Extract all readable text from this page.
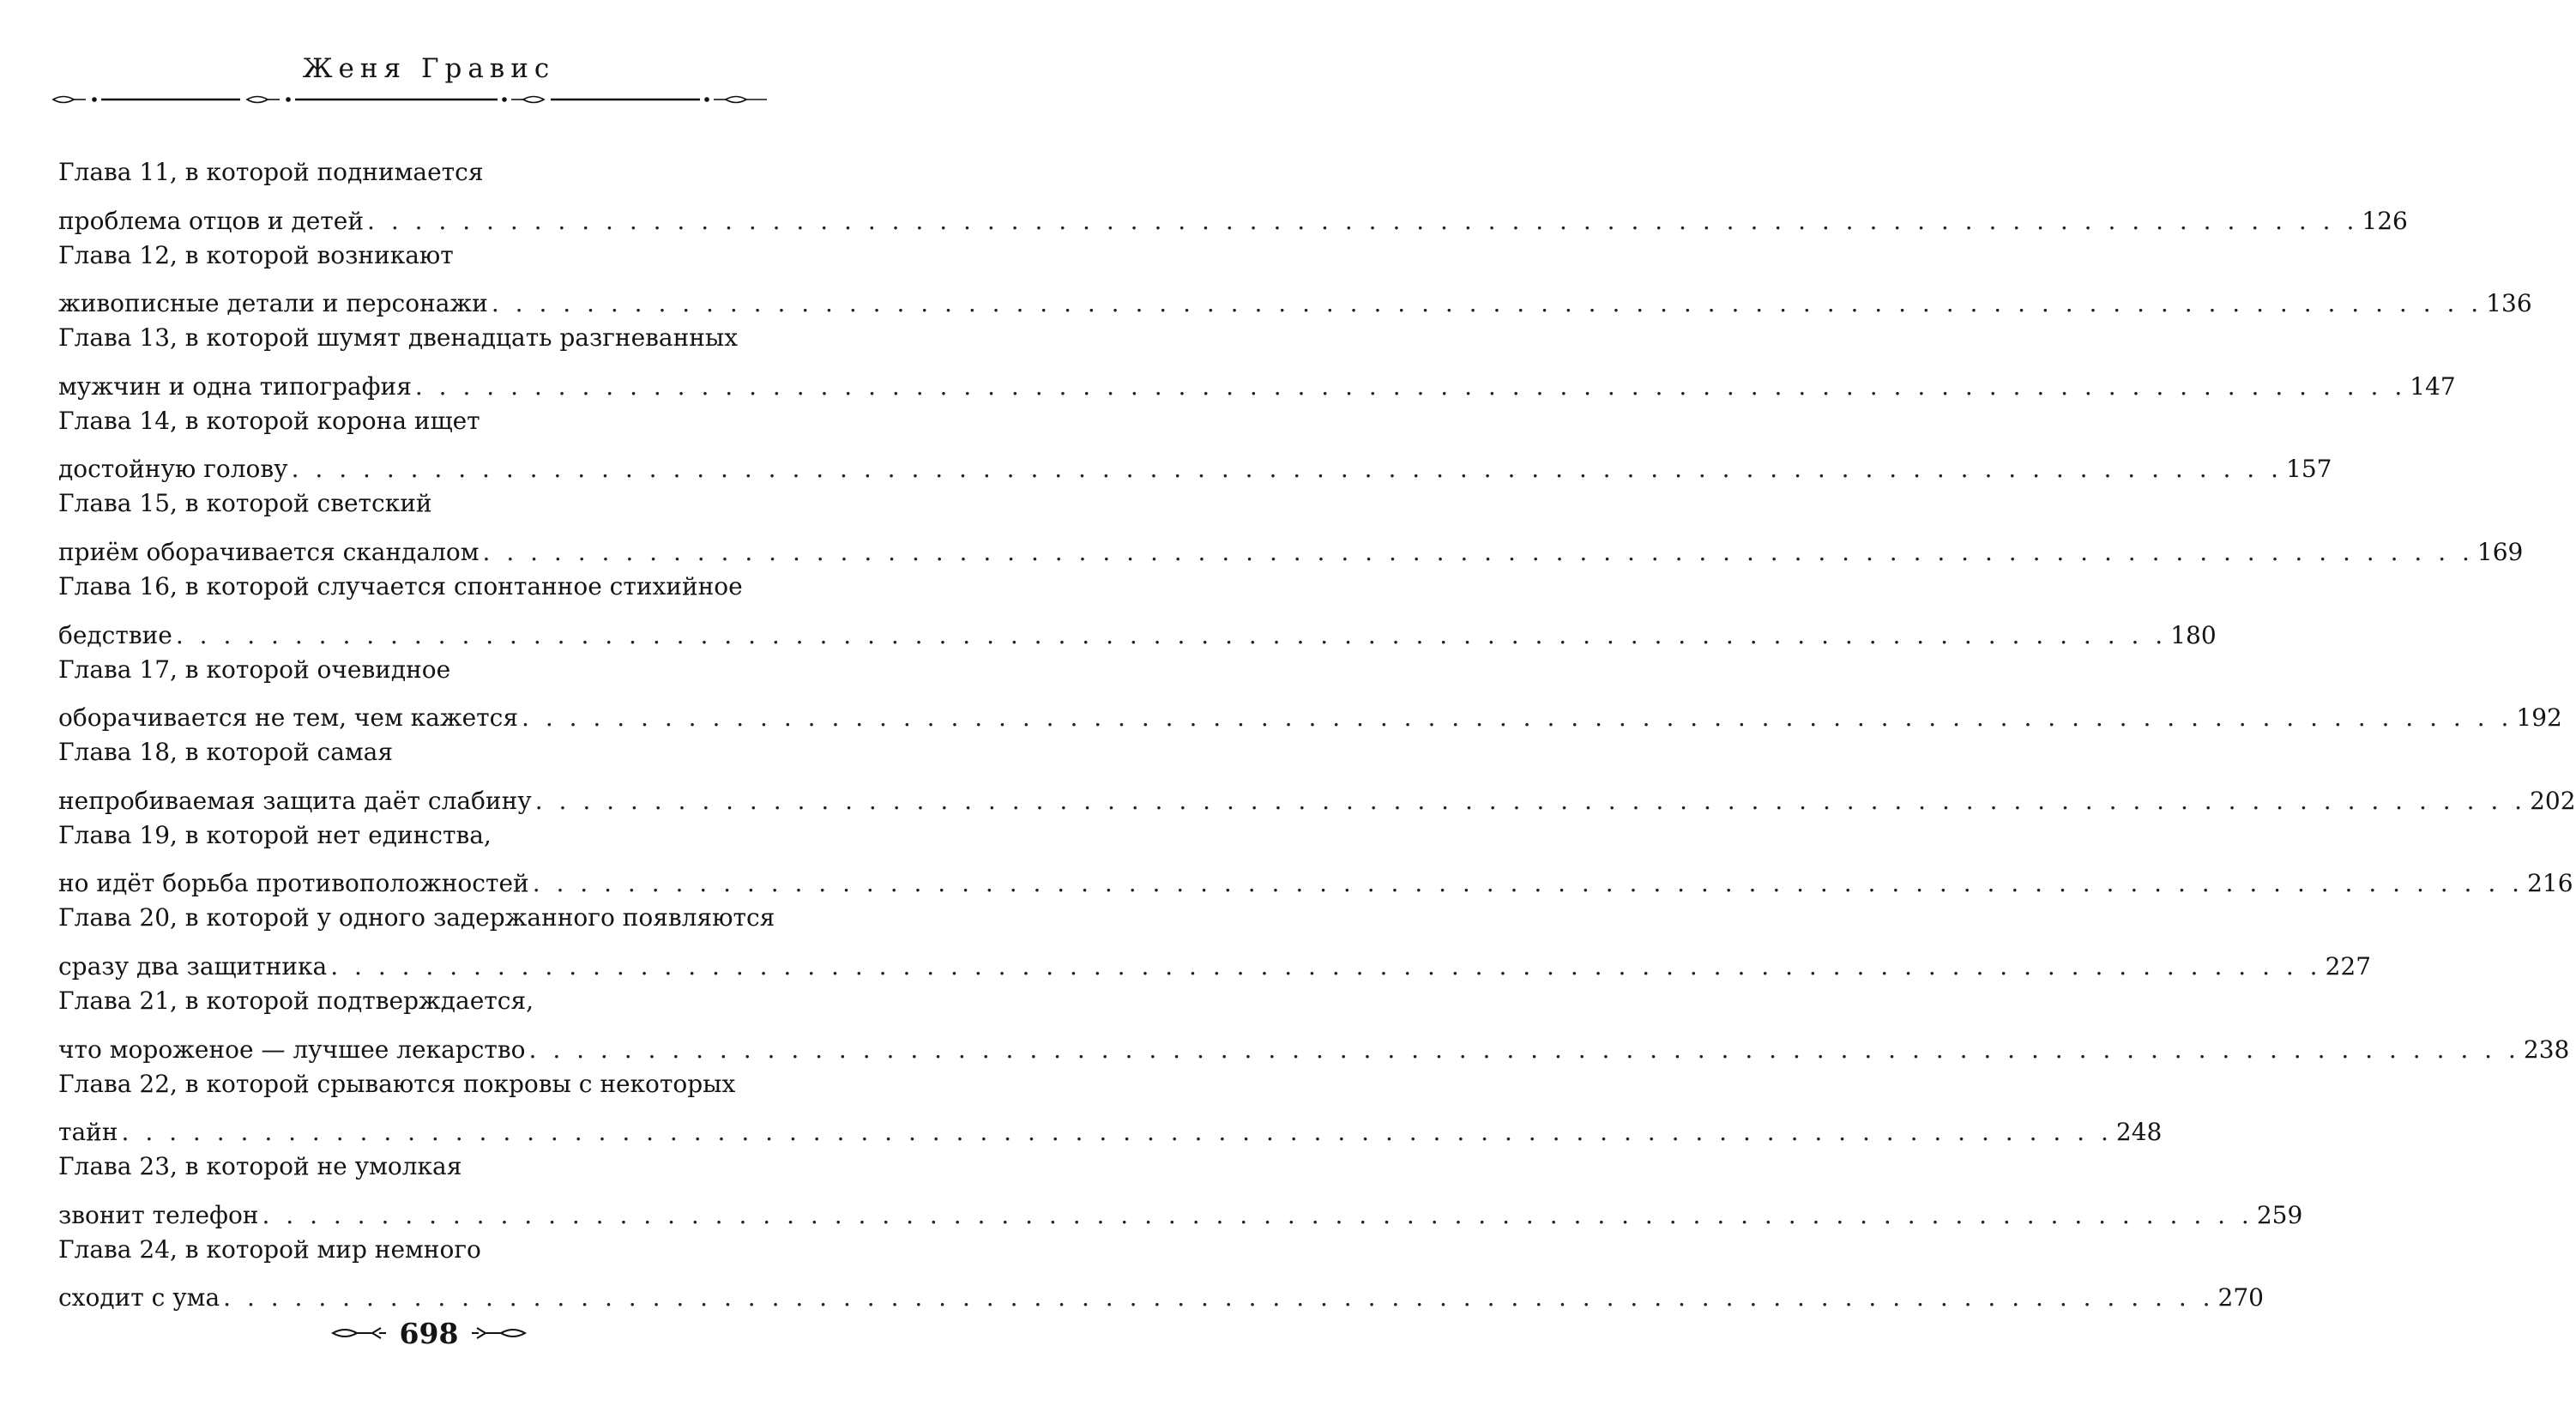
Женя Гравис
Глава 11, в которой поднимается
проблема отцов и детей . . . . . . . . . . . . . . . . . . . . . . . . . . . . . . . . . . . . . . . . . . . . . . . . . . . . . . . . . . . . . . . . . . . . . . . . . . . . . . . . . . . . 126
Глава 12, в которой возникают
живописные детали и персонажи . . . . . . . . . . . . . . . . . . . . . . . . . . . . . . . . . . . . . . . . . . . . . . . . . . . . . . . . . . . . . . . . . . . . . . . . . . . . . . . . . . . . 136
Глава 13, в которой шумят двенадцать разгневанных
мужчин и одна типография . . . . . . . . . . . . . . . . . . . . . . . . . . . . . . . . . . . . . . . . . . . . . . . . . . . . . . . . . . . . . . . . . . . . . . . . . . . . . . . . . . . . 147
Глава 14, в которой корона ищет
достойную голову . . . . . . . . . . . . . . . . . . . . . . . . . . . . . . . . . . . . . . . . . . . . . . . . . . . . . . . . . . . . . . . . . . . . . . . . . . . . . . . . . . . . 157
Глава 15, в которой светский
приём оборачивается скандалом . . . . . . . . . . . . . . . . . . . . . . . . . . . . . . . . . . . . . . . . . . . . . . . . . . . . . . . . . . . . . . . . . . . . . . . . . . . . . . . . . . . . 169
Глава 16, в которой случается спонтанное стихийное
бедствие . . . . . . . . . . . . . . . . . . . . . . . . . . . . . . . . . . . . . . . . . . . . . . . . . . . . . . . . . . . . . . . . . . . . . . . . . . . . . . . . . . . . 180
Глава 17, в которой очевидное
оборачивается не тем, чем кажется . . . . . . . . . . . . . . . . . . . . . . . . . . . . . . . . . . . . . . . . . . . . . . . . . . . . . . . . . . . . . . . . . . . . . . . . . . . . . . . . . . . . 192
Глава 18, в которой самая
непробиваемая защита даёт слабину . . . . . . . . . . . . . . . . . . . . . . . . . . . . . . . . . . . . . . . . . . . . . . . . . . . . . . . . . . . . . . . . . . . . . . . . . . . . . . . . . . . . 202
Глава 19, в которой нет единства,
но идёт борьба противоположностей . . . . . . . . . . . . . . . . . . . . . . . . . . . . . . . . . . . . . . . . . . . . . . . . . . . . . . . . . . . . . . . . . . . . . . . . . . . . . . . . . . . . 216
Глава 20, в которой у одного задержанного появляются
сразу два защитника . . . . . . . . . . . . . . . . . . . . . . . . . . . . . . . . . . . . . . . . . . . . . . . . . . . . . . . . . . . . . . . . . . . . . . . . . . . . . . . . . . . . 227
Глава 21, в которой подтверждается,
что мороженое — лучшее лекарство . . . . . . . . . . . . . . . . . . . . . . . . . . . . . . . . . . . . . . . . . . . . . . . . . . . . . . . . . . . . . . . . . . . . . . . . . . . . . . . . . . . . 238
Глава 22, в которой срываются покровы с некоторых
тайн . . . . . . . . . . . . . . . . . . . . . . . . . . . . . . . . . . . . . . . . . . . . . . . . . . . . . . . . . . . . . . . . . . . . . . . . . . . . . . . . . . . . 248
Глава 23, в которой не умолкая
звонит телефон . . . . . . . . . . . . . . . . . . . . . . . . . . . . . . . . . . . . . . . . . . . . . . . . . . . . . . . . . . . . . . . . . . . . . . . . . . . . . . . . . . . . 259
Глава 24, в которой мир немного
сходит с ума . . . . . . . . . . . . . . . . . . . . . . . . . . . . . . . . . . . . . . . . . . . . . . . . . . . . . . . . . . . . . . . . . . . . . . . . . . . . . . . . . . . . 270
698
